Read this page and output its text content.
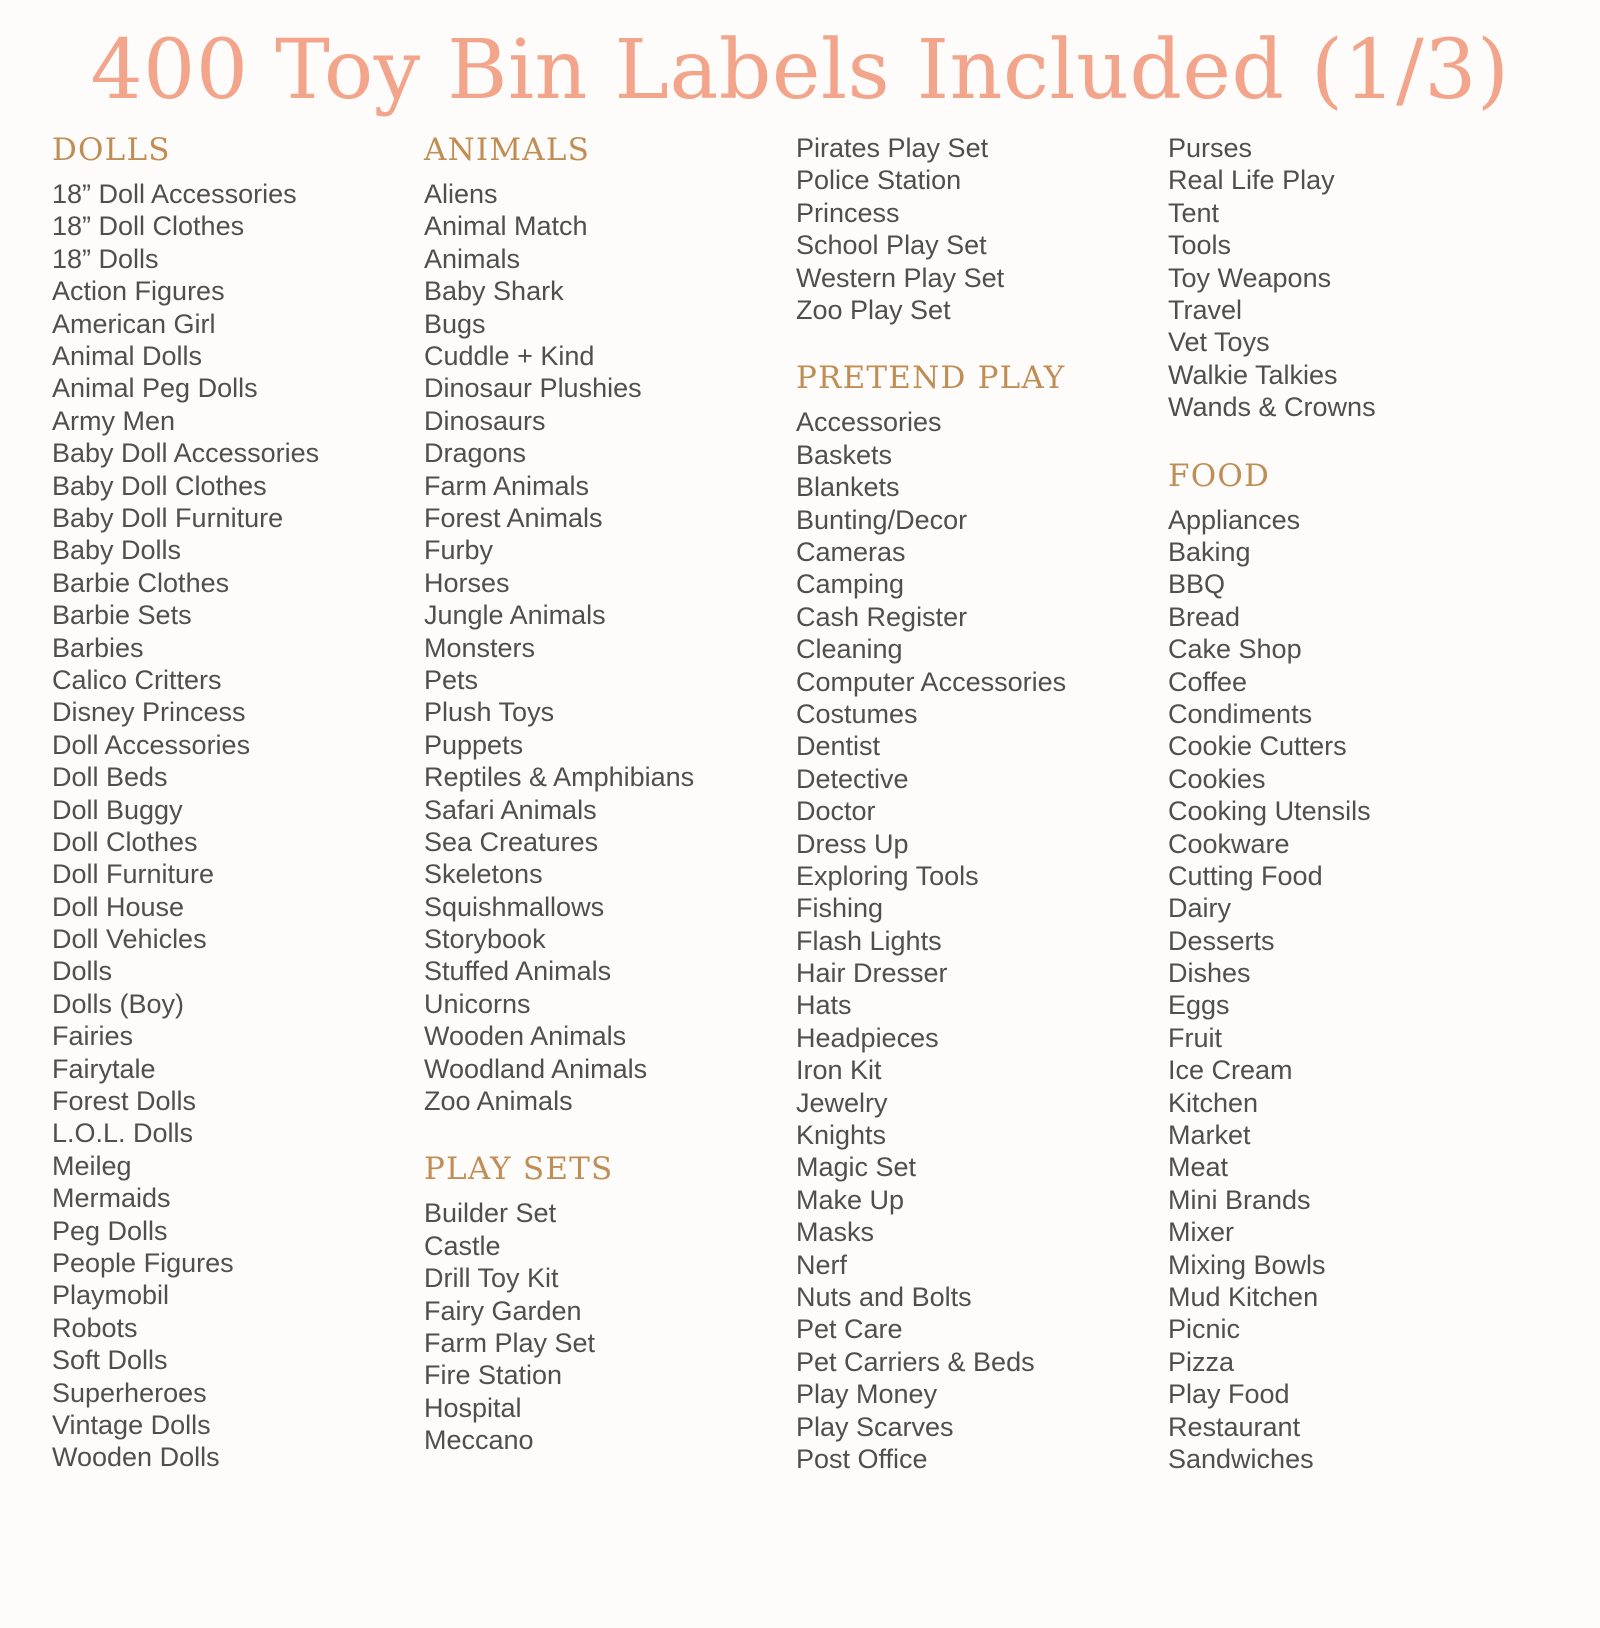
400 Toy Bin Labels Included (1/3)
DOLLS
18” Doll Accessories
18” Doll Clothes
18” Dolls
Action Figures
American Girl
Animal Dolls
Animal Peg Dolls
Army Men
Baby Doll Accessories
Baby Doll Clothes
Baby Doll Furniture
Baby Dolls
Barbie Clothes
Barbie Sets
Barbies
Calico Critters
Disney Princess
Doll Accessories
Doll Beds
Doll Buggy
Doll Clothes
Doll Furniture
Doll House
Doll Vehicles
Dolls
Dolls (Boy)
Fairies
Fairytale
Forest Dolls
L.O.L. Dolls
Meileg
Mermaids
Peg Dolls
People Figures
Playmobil
Robots
Soft Dolls
Superheroes
Vintage Dolls
Wooden Dolls
ANIMALS
Aliens
Animal Match
Animals
Baby Shark
Bugs
Cuddle + Kind
Dinosaur Plushies
Dinosaurs
Dragons
Farm Animals
Forest Animals
Furby
Horses
Jungle Animals
Monsters
Pets
Plush Toys
Puppets
Reptiles & Amphibians
Safari Animals
Sea Creatures
Skeletons
Squishmallows
Storybook
Stuffed Animals
Unicorns
Wooden Animals
Woodland Animals
Zoo Animals
PLAY SETS
Builder Set
Castle
Drill Toy Kit
Fairy Garden
Farm Play Set
Fire Station
Hospital
Meccano
Pirates Play Set
Police Station
Princess
School Play Set
Western Play Set
Zoo Play Set
PRETEND PLAY
Accessories
Baskets
Blankets
Bunting/Decor
Cameras
Camping
Cash Register
Cleaning
Computer Accessories
Costumes
Dentist
Detective
Doctor
Dress Up
Exploring Tools
Fishing
Flash Lights
Hair Dresser
Hats
Headpieces
Iron Kit
Jewelry
Knights
Magic Set
Make Up
Masks
Nerf
Nuts and Bolts
Pet Care
Pet Carriers & Beds
Play Money
Play Scarves
Post Office
Purses
Real Life Play
Tent
Tools
Toy Weapons
Travel
Vet Toys
Walkie Talkies
Wands & Crowns
FOOD
Appliances
Baking
BBQ
Bread
Cake Shop
Coffee
Condiments
Cookie Cutters
Cookies
Cooking Utensils
Cookware
Cutting Food
Dairy
Desserts
Dishes
Eggs
Fruit
Ice Cream
Kitchen
Market
Meat
Mini Brands
Mixer
Mixing Bowls
Mud Kitchen
Picnic
Pizza
Play Food
Restaurant
Sandwiches
